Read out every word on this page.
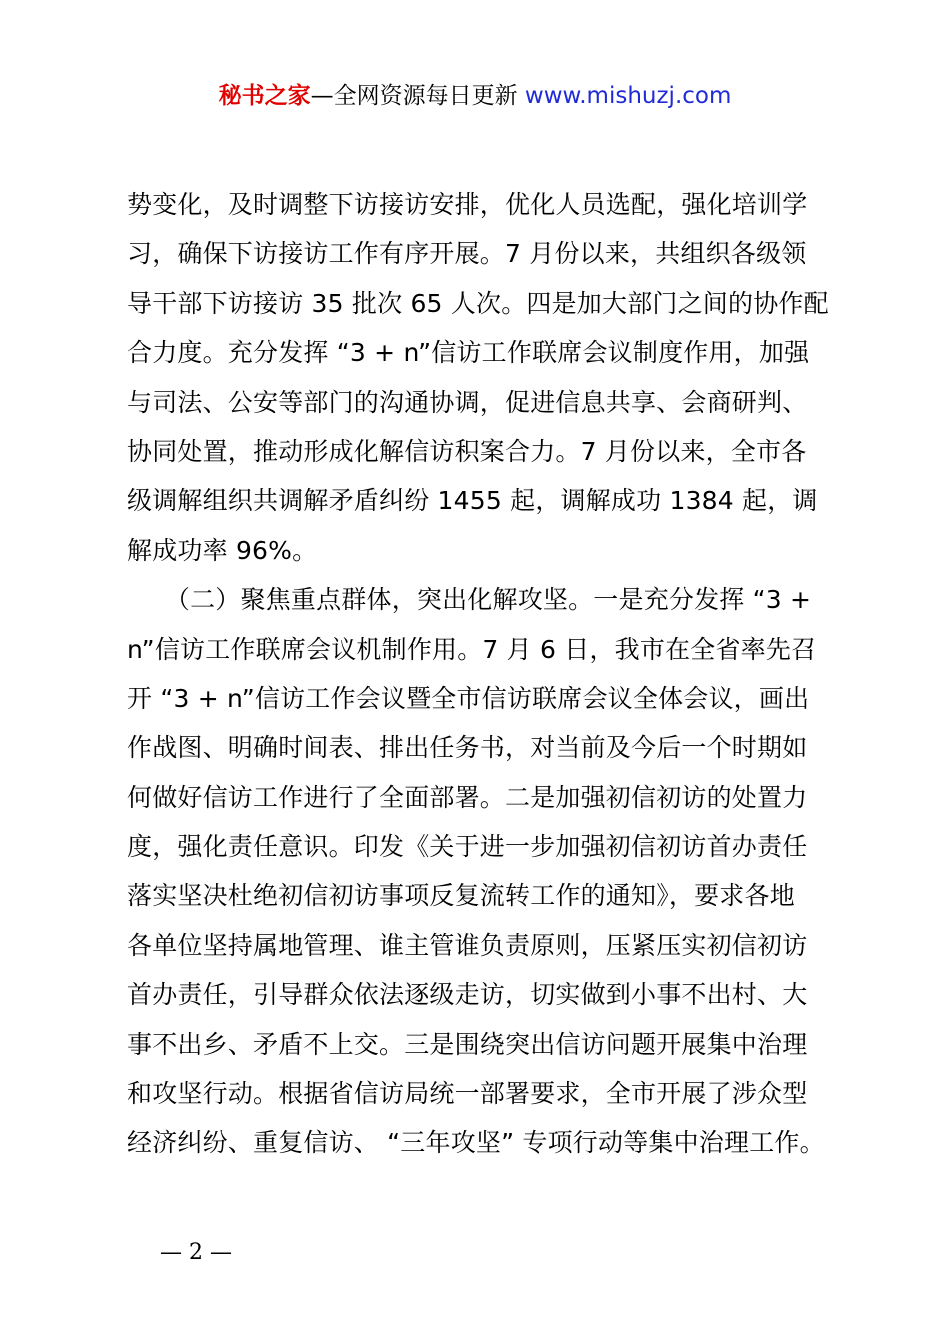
秘书之家—全网资源每日更新 www.mishuzj.com
势变化，及时调整下访接访安排，优化人员选配，强化培训学
习，确保下访接访工作有序开展。7 月份以来，共组织各级领
导干部下访接访 35 批次 65 人次。四是加大部门之间的协作配
合力度。充分发挥 “3 + n”信访工作联席会议制度作用，加强
与司法、公安等部门的沟通协调，促进信息共享、会商研判、
协同处置，推动形成化解信访积案合力。7 月份以来，全市各
级调解组织共调解矛盾纠纷 1455 起，调解成功 1384 起，调
解成功率 96%。
　　（二）聚焦重点群体，突出化解攻坚。一是充分发挥 “3 +
n”信访工作联席会议机制作用。7 月 6 日，我市在全省率先召
开 “3 + n”信访工作会议暨全市信访联席会议全体会议，画出
作战图、明确时间表、排出任务书，对当前及今后一个时期如
何做好信访工作进行了全面部署。二是加强初信初访的处置力
度，强化责任意识。印发《关于进一步加强初信初访首办责任
落实坚决杜绝初信初访事项反复流转工作的通知》，要求各地
各单位坚持属地管理、谁主管谁负责原则，压紧压实初信初访
首办责任，引导群众依法逐级走访，切实做到小事不出村、大
事不出乡、矛盾不上交。三是围绕突出信访问题开展集中治理
和攻坚行动。根据省信访局统一部署要求，全市开展了涉众型
经济纠纷、重复信访、 “三年攻坚” 专项行动等集中治理工作。
— 2 —
